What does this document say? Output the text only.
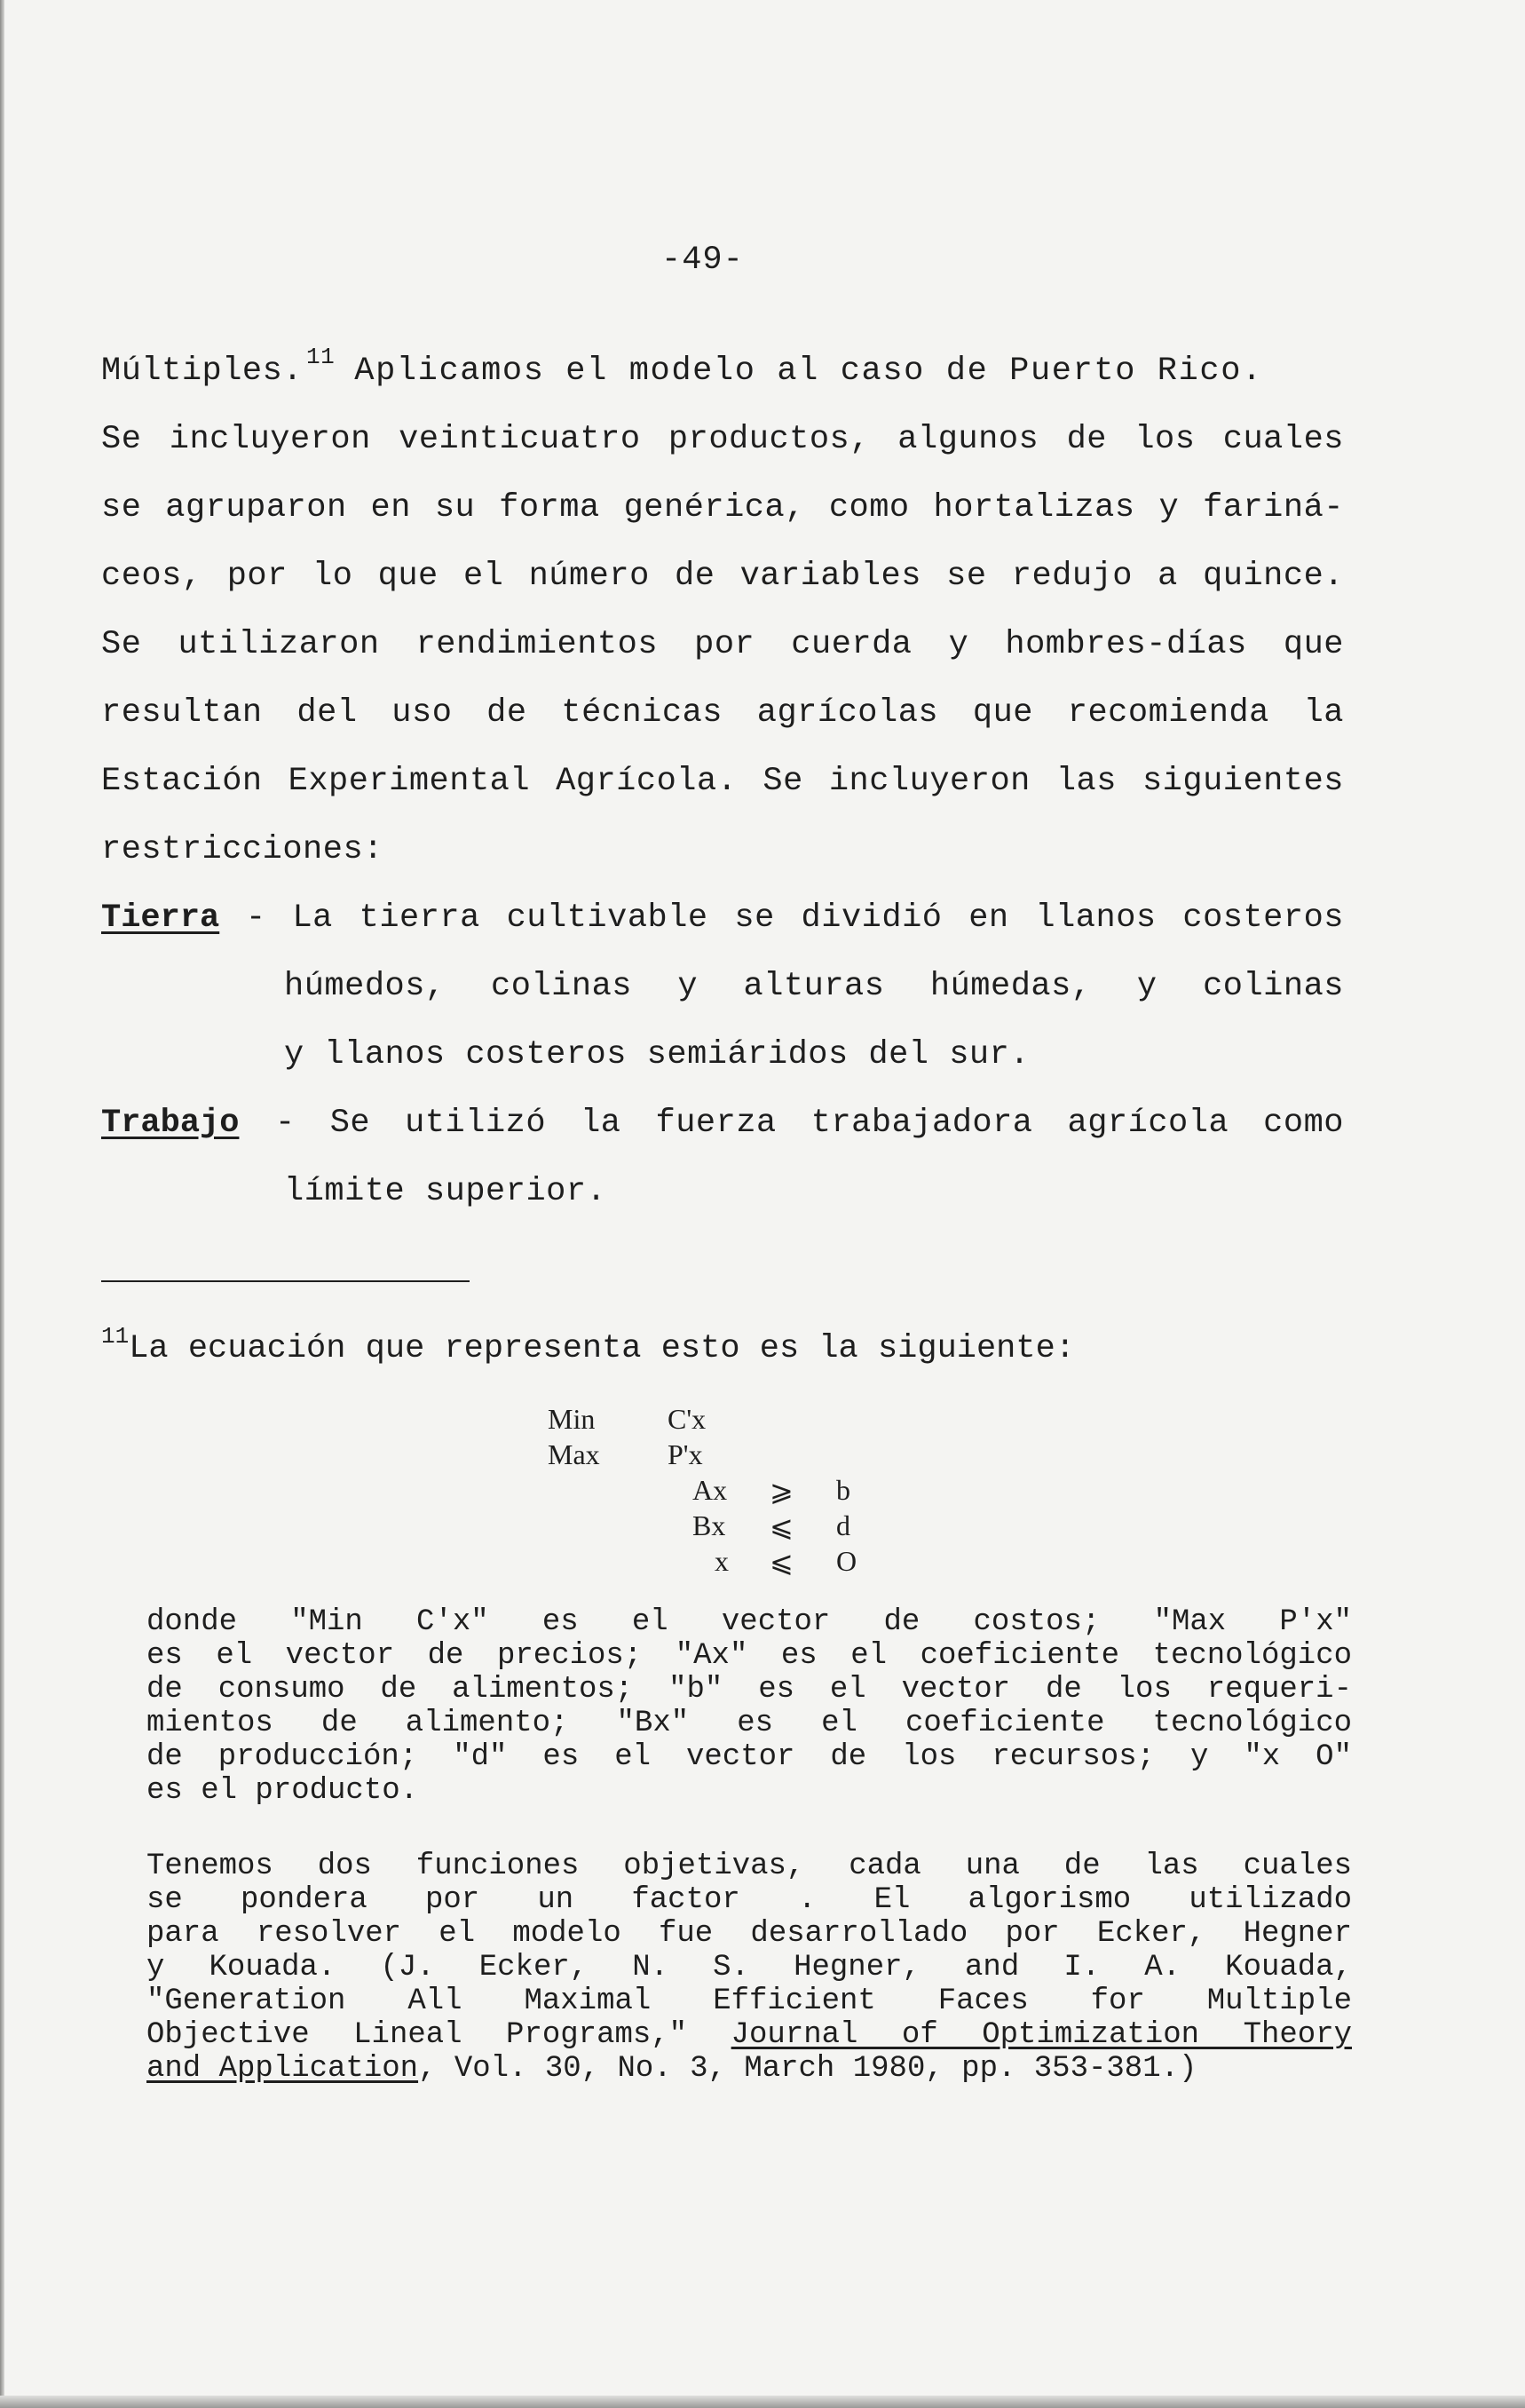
-49-
Múltiples. $^{11}$ Aplicamos el modelo al caso de Puerto Rico.
Se incluyeron veinticuatro productos, algunos de los cuales
se agruparon en su forma genérica, como hortalizas y fariná-
ceos, por lo que el número de variables se redujo a quince.
Se utilizaron rendimientos por cuerda y hombres-días que
resultan del uso de técnicas agrícolas que recomienda la
Estación Experimental Agrícola. Se incluyeron las siguientes
restricciones:
Tierra - La tierra cultivable se dividió en llanos costeros
húmedos, colinas y alturas húmedas, y colinas
y llanos costeros semiáridos del sur.
Trabajo - Se utilizó la fuerza trabajadora agrícola como
límite superior.
$^{11}$La ecuación que representa esto es la siguiente:
Min	C'x
Max P'x
Ax ⩾ b
Bx ⩽ d
x ⩽ O
donde "Min C'x" es el vector de costos; "Max P'x"
es el vector de precios; "Ax" es el coeficiente tecnológico
de consumo de alimentos; "b" es el vector de los requeri-
mientos de alimento; "Bx" es el coeficiente tecnológico
de producción; "d" es el vector de los recursos; y "x O"
es el producto.
Tenemos dos funciones objetivas, cada una de las cuales
se pondera por un factor . El algorismo utilizado
para resolver el modelo fue desarrollado por Ecker, Hegner
y Kouada. (J. Ecker, N. S. Hegner, and I. A. Kouada,
"Generation All Maximal Efficient Faces for Multiple
Objective Lineal Programs," Journal of Optimization Theory
and Application, Vol. 30, No. 3, March 1980, pp. 353-381.)
